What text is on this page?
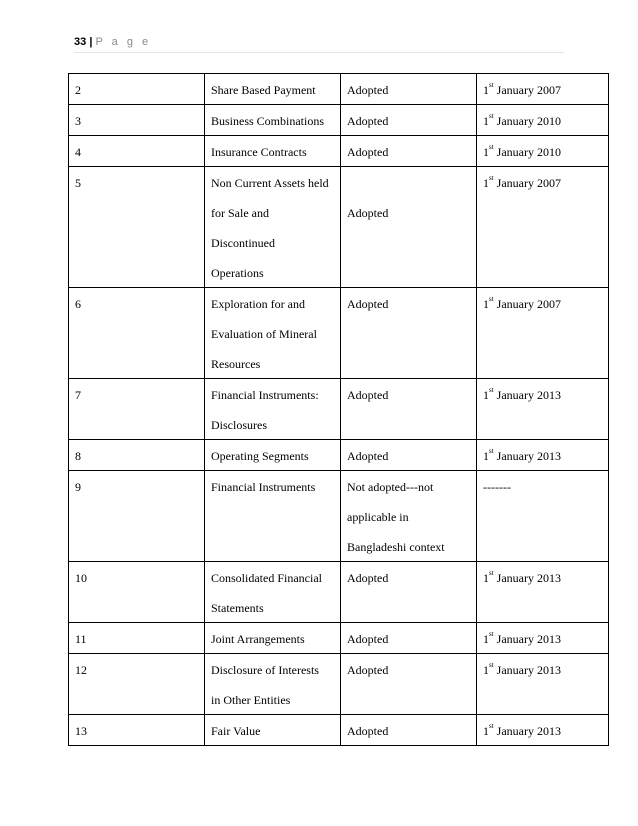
33 | P a g e
2	Share Based Payment	Adopted	1st January 2007
3	Business Combinations	Adopted	1st January 2010
4	Insurance Contracts	Adopted	1st January 2010
5	Non Current Assets held
for Sale and
Discontinued
Operations	Adopted	1st January 2007
6	Exploration for and
Evaluation of Mineral
Resources	Adopted	1st January 2007
7	Financial Instruments:
Disclosures	Adopted	1st January 2013
8	Operating Segments	Adopted	1st January 2013
9	Financial Instruments	Not adopted---not
applicable in
Bangladeshi context	-------
10	Consolidated Financial
Statements	Adopted	1st January 2013
11	Joint Arrangements	Adopted	1st January 2013
12	Disclosure of Interests
in Other Entities	Adopted	1st January 2013
13	Fair Value	Adopted	1st January 2013
